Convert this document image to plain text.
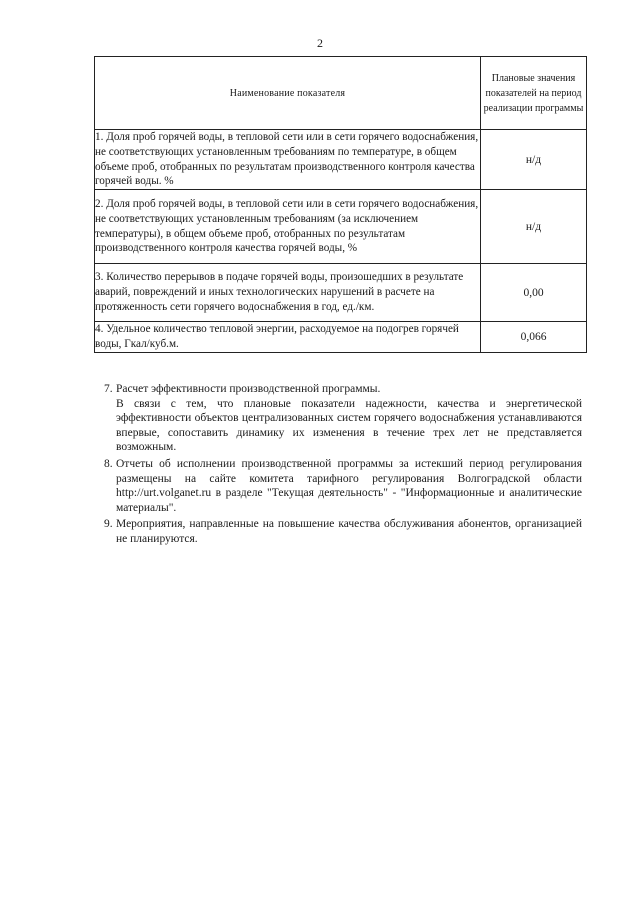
2
Наименование показателя	Плановые значения показателей на период реализации программы
1. Доля проб горячей воды, в тепловой сети или в сети горячего водоснабжения, не соответствующих установленным требованиям по температуре, в общем объеме проб, отобранных по результатам производственного контроля качества горячей воды. %	н/д
2. Доля проб горячей воды, в тепловой сети или в сети горячего водоснабжения, не соответствующих установленным требованиям (за исключением температуры), в общем объеме проб, отобранных по результатам производственного контроля качества горячей воды, %	н/д
3. Количество перерывов в подаче горячей воды, произошедших в результате аварий, повреждений и иных технологических нарушений в расчете на протяженность сети горячего водоснабжения в год, ед./км.	0,00
4. Удельное количество тепловой энергии, расходуемое на подогрев горячей воды, Гкал/куб.м.	0,066
7. Расчет эффективности производственной программы.

В связи с тем, что плановые показатели надежности, качества и энергетической эффективности объектов централизованных систем горячего водоснабжения устанавливаются впервые, сопоставить динамику их изменения в течение трех лет не представляется возможным.

8. Отчеты об исполнении производственной программы за истекший период регулирования размещены на сайте комитета тарифного регулирования Волгоградской области http://urt.volganet.ru в разделе "Текущая деятельность" - "Информационные и аналитические материалы".

9. Мероприятия, направленные на повышение качества обслуживания абонентов, организацией не планируются.
